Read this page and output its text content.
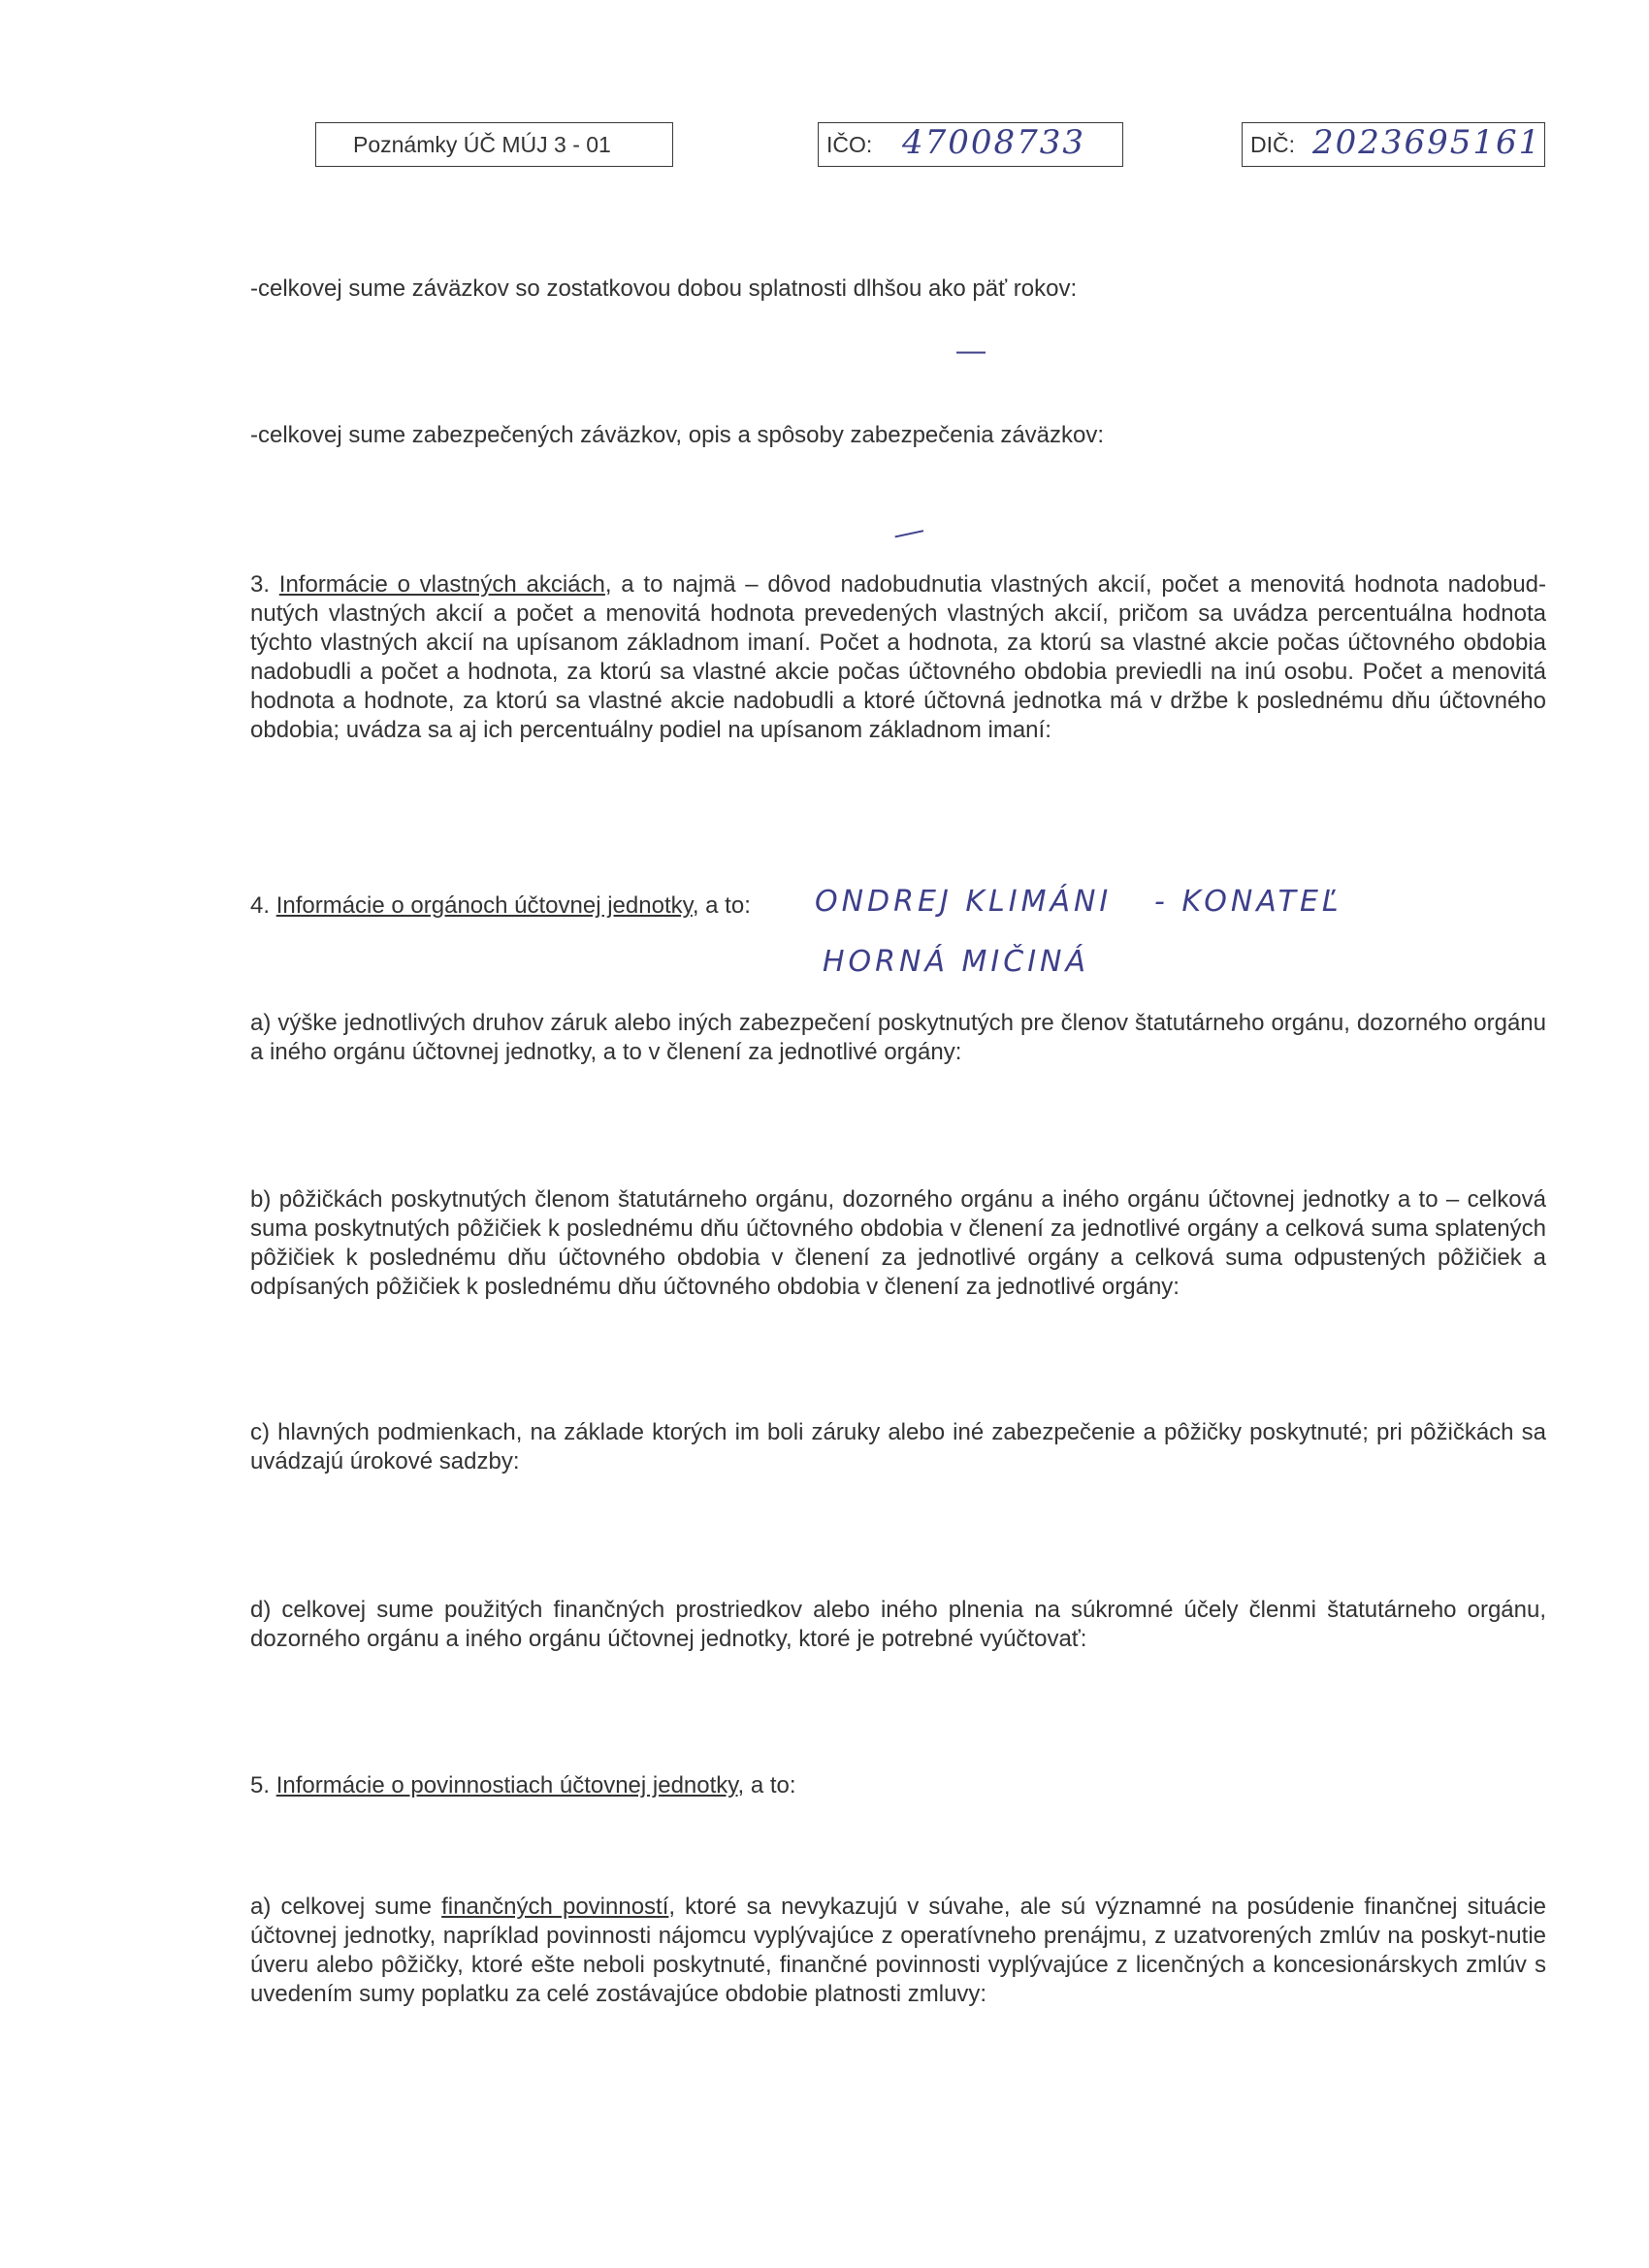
Poznámky ÚČ MÚJ 3 - 01	IČO: 47008733	DIČ: 2023695161
-celkovej sume záväzkov so zostatkovou dobou splatnosti dlhšou ako päť rokov:
—
-celkovej sume zabezpečených záväzkov, opis a spôsoby zabezpečenia záväzkov:
—
3. Informácie o vlastných akciách, a to najmä – dôvod nadobudnutia vlastných akcií, počet a menovitá hodnota nadobud-nutých vlastných akcií a počet a menovitá hodnota prevedených vlastných akcií, pričom sa uvádza percentuálna hodnota týchto vlastných akcií na upísanom základnom imaní. Počet a hodnota, za ktorú sa vlastné akcie počas účtovného obdobia nadobudli a počet a hodnota, za ktorú sa vlastné akcie počas účtovného obdobia previedli na inú osobu. Počet a menovitá hodnota a hodnote, za ktorú sa vlastné akcie nadobudli a ktoré účtovná jednotka má v držbe k poslednému dňu účtovného obdobia; uvádza sa aj ich percentuálny podiel na upísanom základnom imaní:
4. Informácie o orgánoch účtovnej jednotky, a to:	ONDREJ KLIMÁNI - KONATEĽ
HORNÁ MIČINÁ
a) výške jednotlivých druhov záruk alebo iných zabezpečení poskytnutých pre členov štatutárneho orgánu, dozorného orgánu a iného orgánu účtovnej jednotky, a to v členení za jednotlivé orgány:
b) pôžičkách poskytnutých členom štatutárneho orgánu, dozorného orgánu a iného orgánu účtovnej jednotky a to – celková suma poskytnutých pôžičiek k poslednému dňu účtovného obdobia v členení za jednotlivé orgány a celková suma splatených pôžičiek k poslednému dňu účtovného obdobia v členení za jednotlivé orgány a celková suma odpustených pôžičiek a odpísaných pôžičiek k poslednému dňu účtovného obdobia v členení za jednotlivé orgány:
c) hlavných podmienkach, na základe ktorých im boli záruky alebo iné zabezpečenie a pôžičky poskytnuté; pri pôžičkách sa uvádzajú úrokové sadzby:
d) celkovej sume použitých finančných prostriedkov alebo iného plnenia na súkromné účely členmi štatutárneho orgánu, dozorného orgánu a iného orgánu účtovnej jednotky, ktoré je potrebné vyúčtovať:
5. Informácie o povinnostiach účtovnej jednotky, a to:
a) celkovej sume finančných povinností, ktoré sa nevykazujú v súvahe, ale sú významné na posúdenie finančnej situácie účtovnej jednotky, napríklad povinnosti nájomcu vyplývajúce z operatívneho prenájmu, z uzatvorených zmlúv na poskyt-nutie úveru alebo pôžičky, ktoré ešte neboli poskytnuté, finančné povinnosti vyplývajúce z licenčných a koncesionárskych zmlúv s uvedením sumy poplatku za celé zostávajúce obdobie platnosti zmluvy:
